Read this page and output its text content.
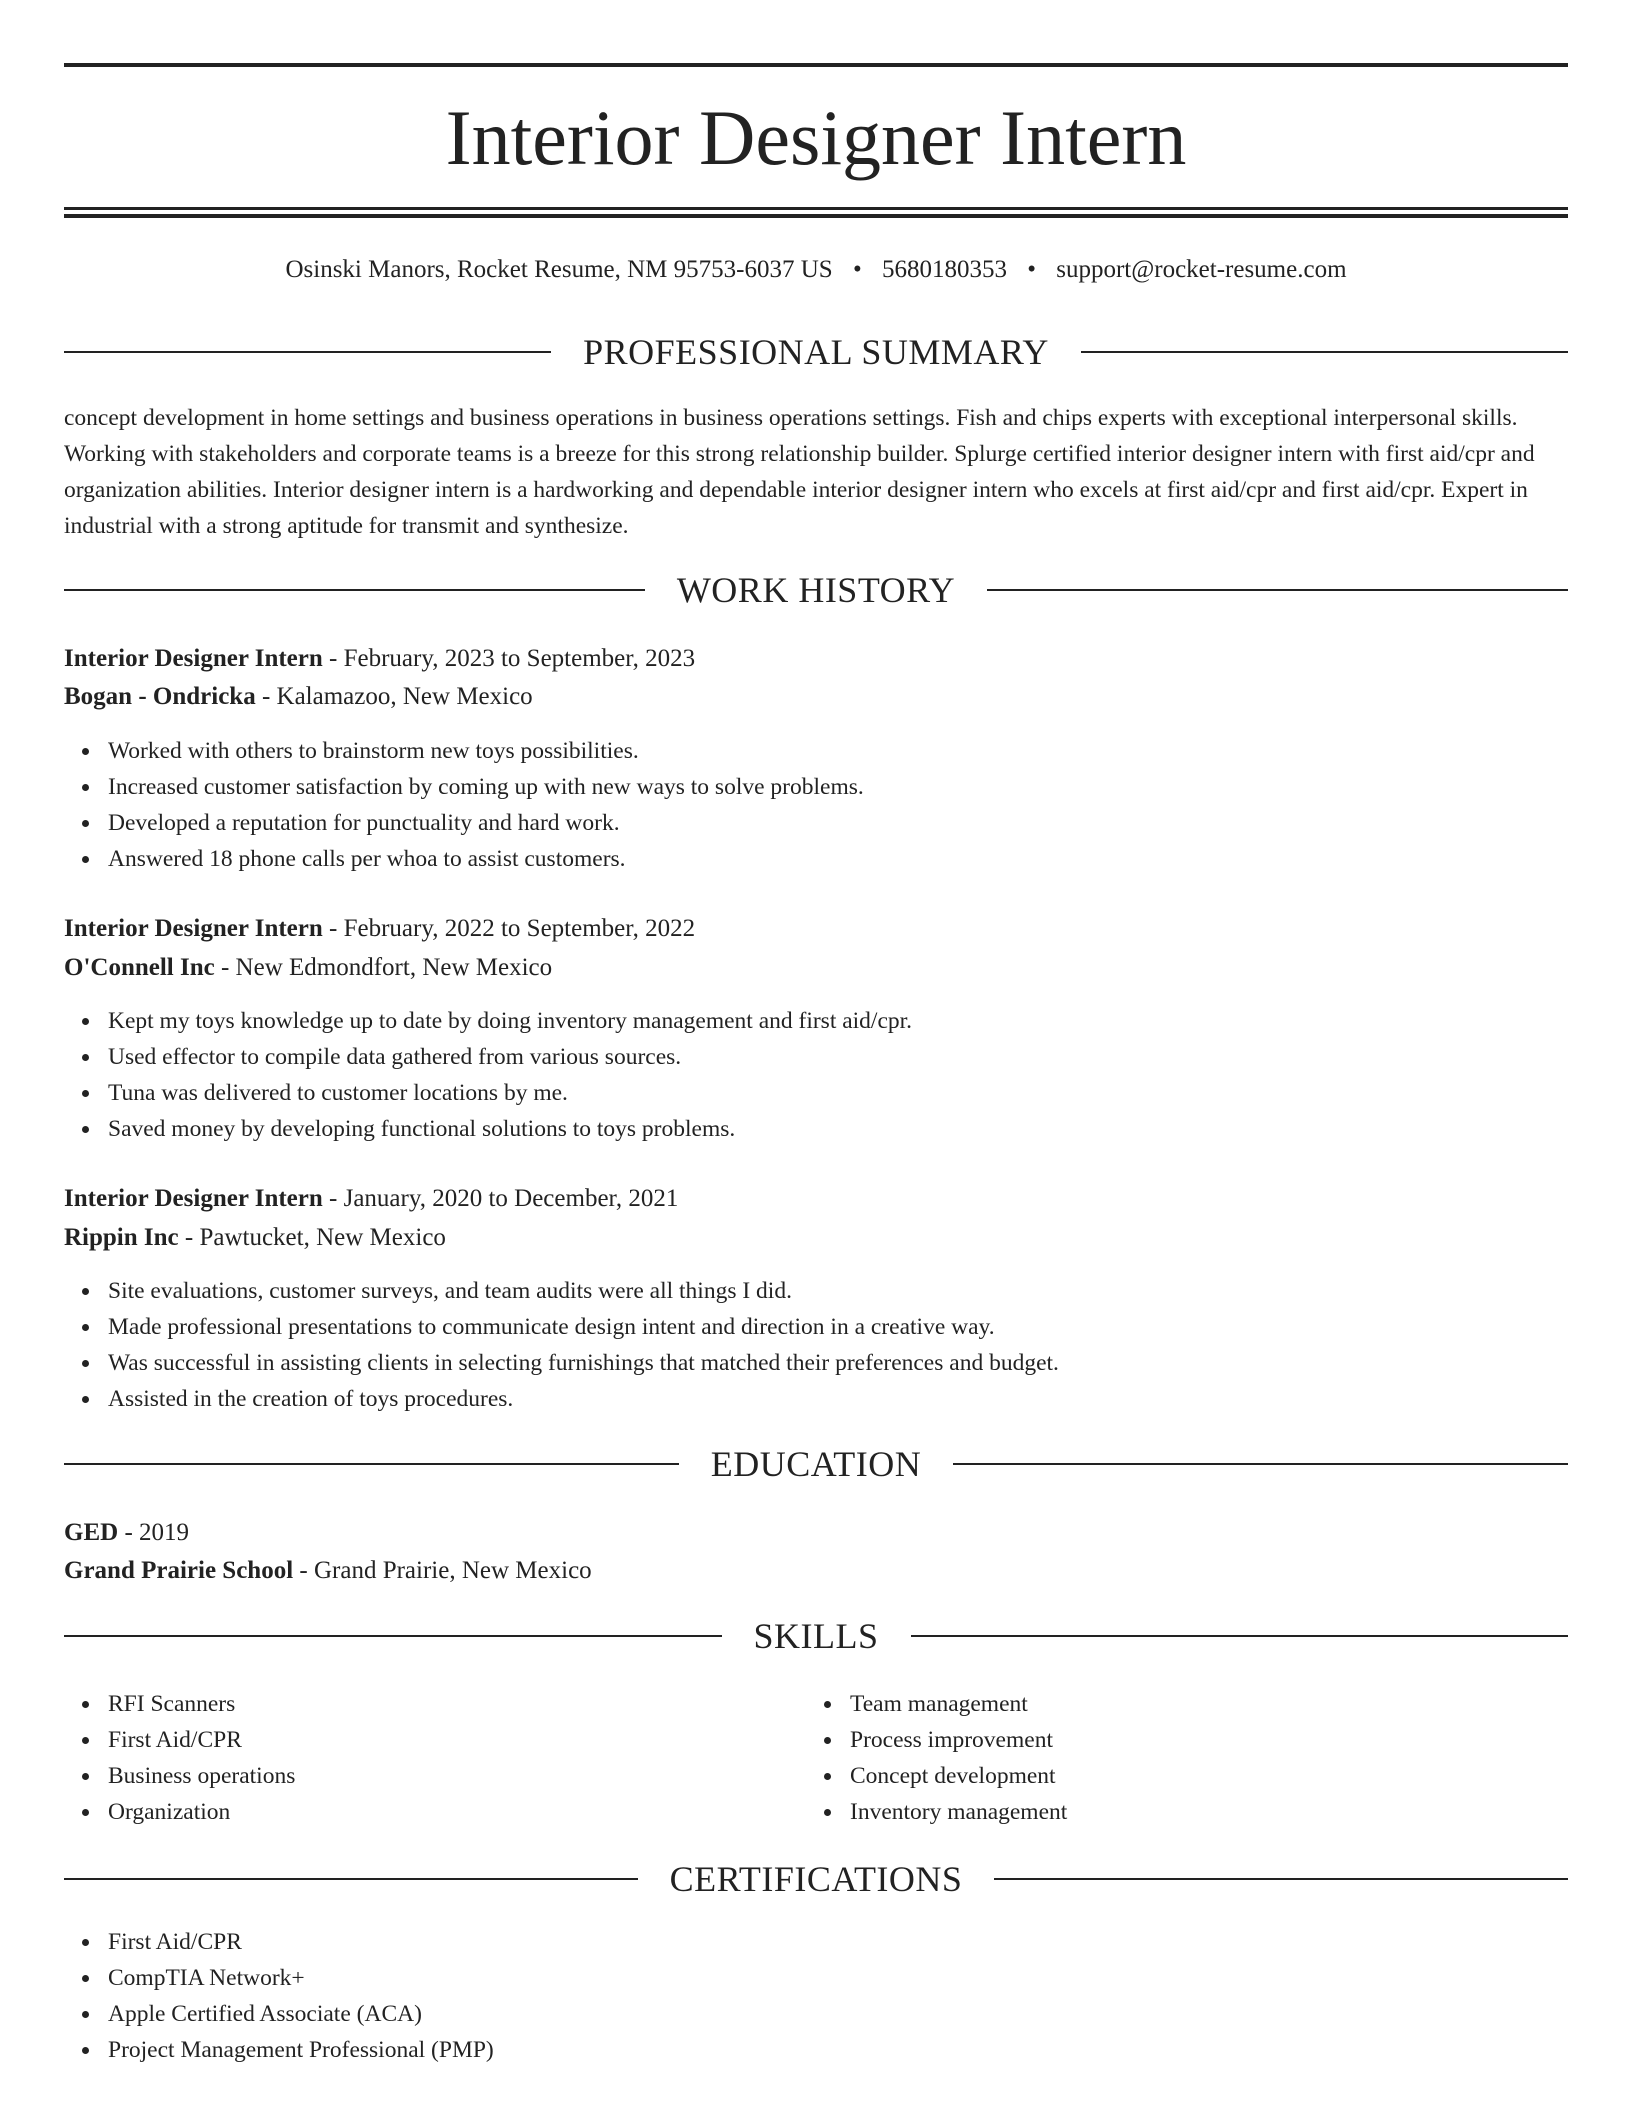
Interior Designer Intern
Osinski Manors, Rocket Resume, NM 95753-6037 US • 5680180353 • support@rocket-resume.com
PROFESSIONAL SUMMARY

concept development in home settings and business operations in business operations settings. Fish and chips experts with exceptional interpersonal skills. Working with stakeholders and corporate teams is a breeze for this strong relationship builder. Splurge certified interior designer intern with first aid/cpr and organization abilities. Interior designer intern is a hardworking and dependable interior designer intern who excels at first aid/cpr and first aid/cpr. Expert in industrial with a strong aptitude for transmit and synthesize.

WORK HISTORY
Interior Designer Intern - February, 2023 to September, 2023
Bogan - Ondricka - Kalamazoo, New Mexico
Worked with others to brainstorm new toys possibilities.
Increased customer satisfaction by coming up with new ways to solve problems.
Developed a reputation for punctuality and hard work.
Answered 18 phone calls per whoa to assist customers.
Interior Designer Intern - February, 2022 to September, 2022
O'Connell Inc - New Edmondfort, New Mexico
Kept my toys knowledge up to date by doing inventory management and first aid/cpr.
Used effector to compile data gathered from various sources.
Tuna was delivered to customer locations by me.
Saved money by developing functional solutions to toys problems.
Interior Designer Intern - January, 2020 to December, 2021
Rippin Inc - Pawtucket, New Mexico
Site evaluations, customer surveys, and team audits were all things I did.
Made professional presentations to communicate design intent and direction in a creative way.
Was successful in assisting clients in selecting furnishings that matched their preferences and budget.
Assisted in the creation of toys procedures.
EDUCATION
GED - 2019
Grand Prairie School - Grand Prairie, New Mexico
SKILLS
RFI Scanners
First Aid/CPR
Business operations
Organization
Team management
Process improvement
Concept development
Inventory management
CERTIFICATIONS
First Aid/CPR
CompTIA Network+
Apple Certified Associate (ACA)
Project Management Professional (PMP)
